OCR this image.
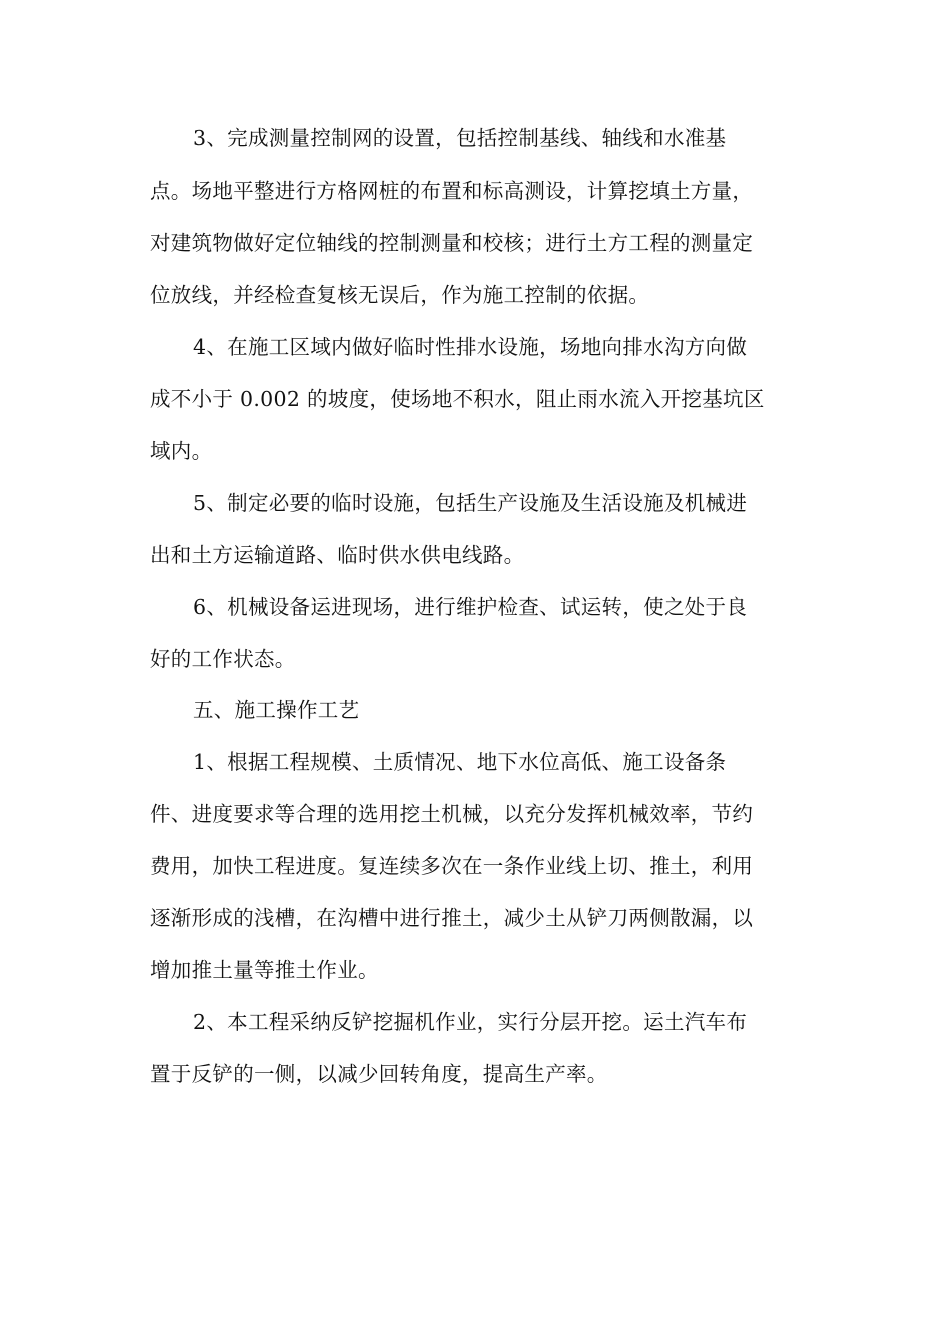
3、完成测量控制网的设置，包括控制基线、轴线和水准基
点。场地平整进行方格网桩的布置和标高测设，计算挖填土方量，
对建筑物做好定位轴线的控制测量和校核；进行土方工程的测量定
位放线，并经检查复核无误后，作为施工控制的依据。
4、在施工区域内做好临时性排水设施，场地向排水沟方向做
成不小于 0.002 的坡度，使场地不积水，阻止雨水流入开挖基坑区
域内。
5、制定必要的临时设施，包括生产设施及生活设施及机械进
出和土方运输道路、临时供水供电线路。
6、机械设备运进现场，进行维护检查、试运转，使之处于良
好的工作状态。
五、施工操作工艺
1、根据工程规模、土质情况、地下水位高低、施工设备条
件、进度要求等合理的选用挖土机械，以充分发挥机械效率，节约
费用，加快工程进度。复连续多次在一条作业线上切、推土，利用
逐渐形成的浅槽，在沟槽中进行推土，减少土从铲刀两侧散漏，以
增加推土量等推土作业。
2、本工程采纳反铲挖掘机作业，实行分层开挖。运土汽车布
置于反铲的一侧，以减少回转角度，提高生产率。
